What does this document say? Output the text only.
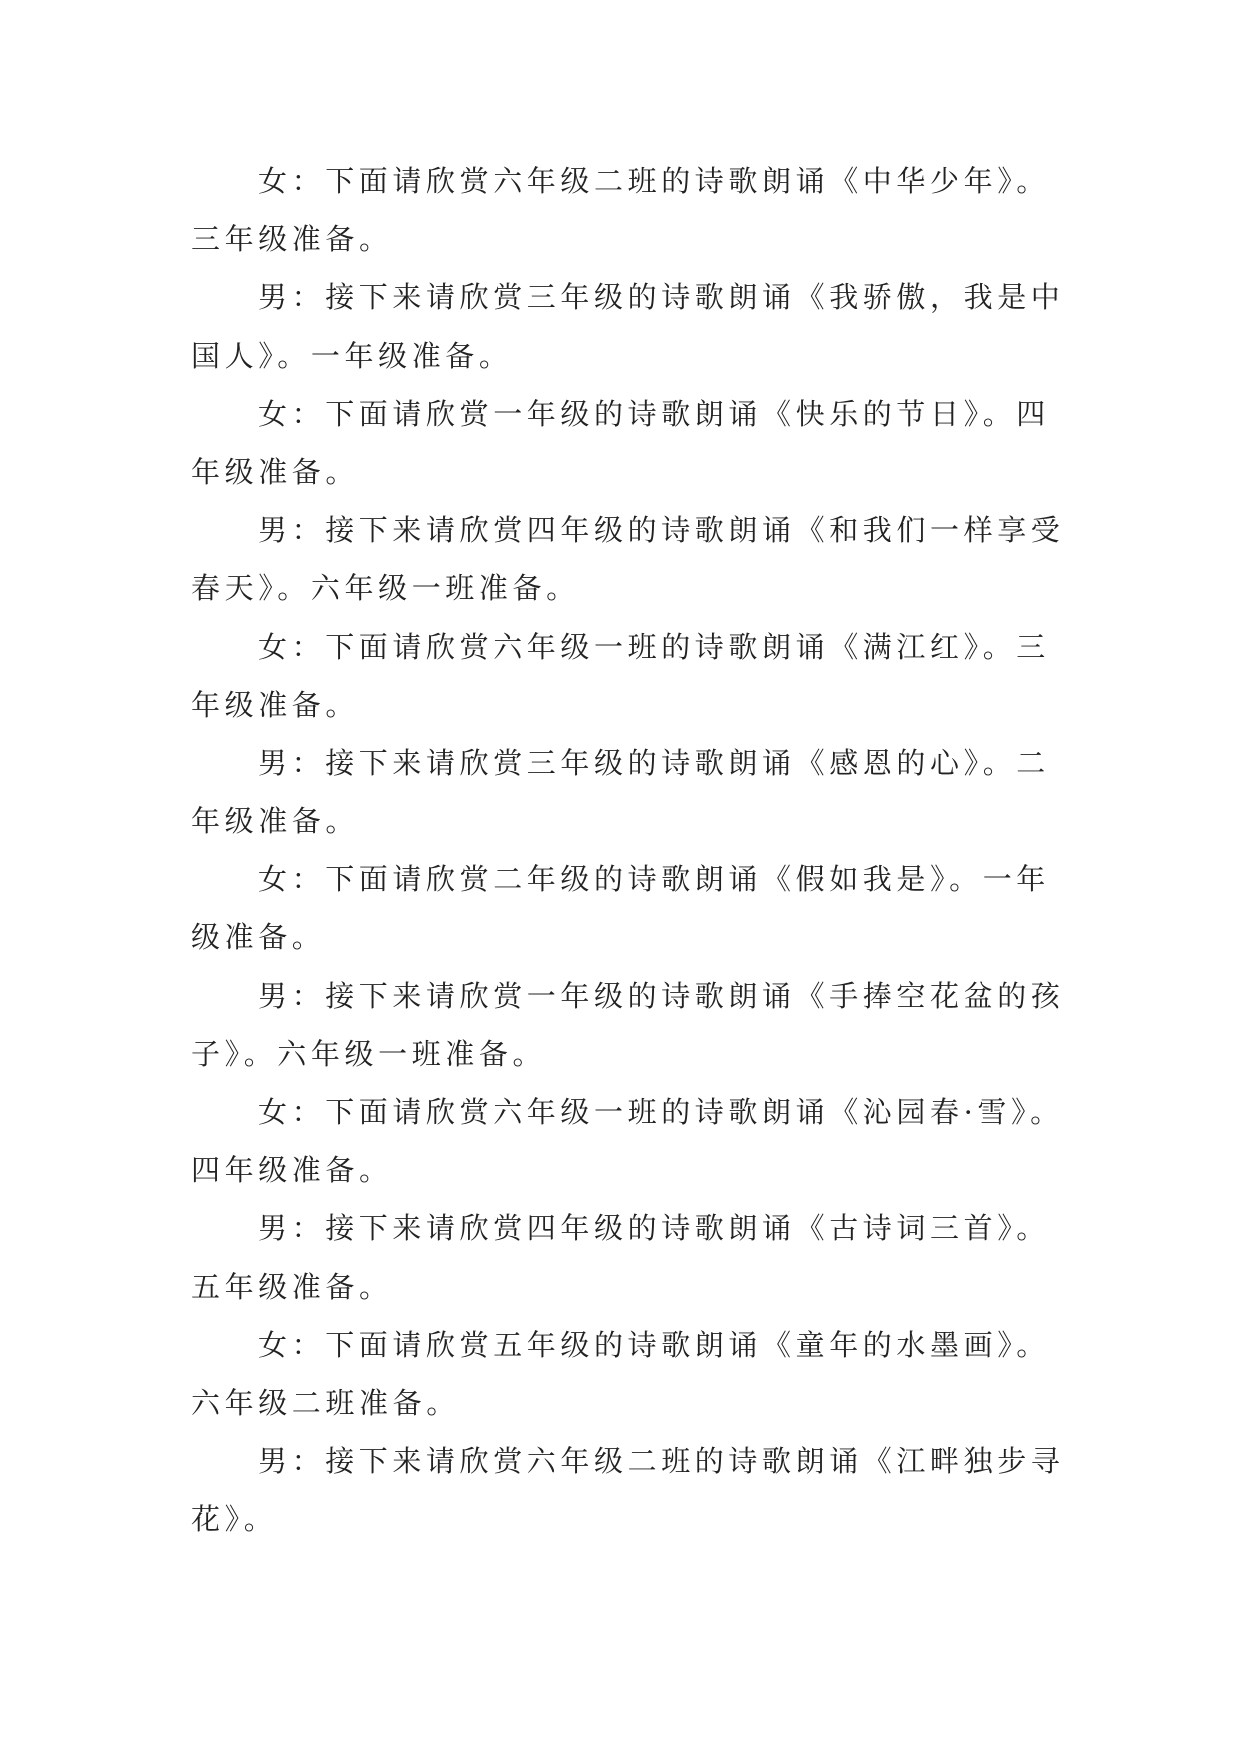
女：下面请欣赏六年级二班的诗歌朗诵《中华少年》。
三年级准备。
男：接下来请欣赏三年级的诗歌朗诵《我骄傲，我是中
国人》。一年级准备。
女：下面请欣赏一年级的诗歌朗诵《快乐的节日》。四
年级准备。
男：接下来请欣赏四年级的诗歌朗诵《和我们一样享受
春天》。六年级一班准备。
女：下面请欣赏六年级一班的诗歌朗诵《满江红》。三
年级准备。
男：接下来请欣赏三年级的诗歌朗诵《感恩的心》。二
年级准备。
女：下面请欣赏二年级的诗歌朗诵《假如我是》。一年
级准备。
男：接下来请欣赏一年级的诗歌朗诵《手捧空花盆的孩
子》。六年级一班准备。
女：下面请欣赏六年级一班的诗歌朗诵《沁园春·雪》。
四年级准备。
男：接下来请欣赏四年级的诗歌朗诵《古诗词三首》。
五年级准备。
女：下面请欣赏五年级的诗歌朗诵《童年的水墨画》。
六年级二班准备。
男：接下来请欣赏六年级二班的诗歌朗诵《江畔独步寻
花》。
